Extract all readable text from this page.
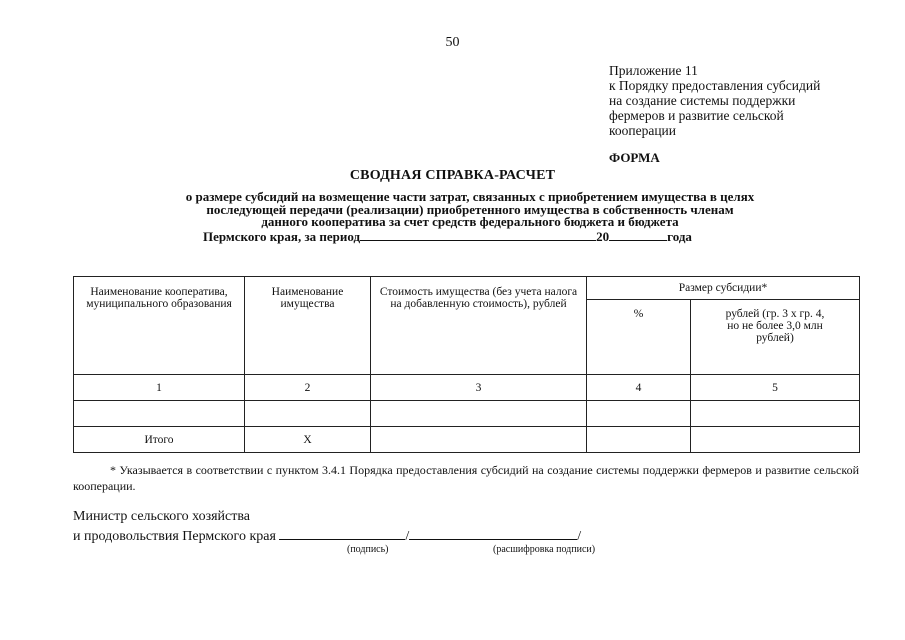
50
Приложение 11
к Порядку предоставления субсидий
на создание системы поддержки
фермеров и развитие сельской
кооперации
ФОРМА
СВОДНАЯ СПРАВКА-РАСЧЕТ
о размере субсидий на возмещение части затрат, связанных с приобретением имущества в целях
последующей передачи (реализации) приобретенного имущества в собственность членам
данного кооператива за счет средств федерального бюджета и бюджета
Пермского края, за период	20	года
Наименование кооператива, муниципального образования	Наименование имущества	Стоимость имущества (без учета налога на добавленную стоимость), рублей	Размер субсидии*	
			%	рублей (гр. 3 х гр. 4, но не более 3,0 млн рублей)
1	2	3	4	5

Итого	Х			
* Указывается в соответствии с пунктом 3.4.1 Порядка предоставления субсидий на создание системы поддержки фермеров и развитие сельской кооперации.
Министр сельского хозяйства
и продовольствия Пермского края	/	/
(подпись)	(расшифровка подписи)
